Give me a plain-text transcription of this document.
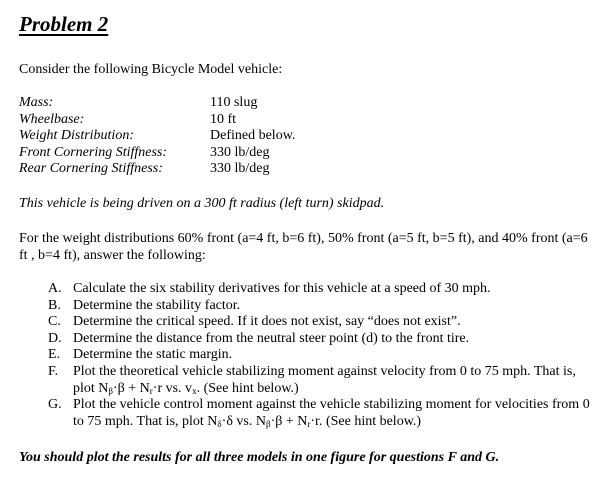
Problem 2
Consider the following Bicycle Model vehicle:
Mass:	110 slug
Wheelbase:	10 ft
Weight Distribution:	Defined below.
Front Cornering Stiffness:	330 lb/deg
Rear Cornering Stiffness:	330 lb/deg
This vehicle is being driven on a 300 ft radius (left turn) skidpad.
For the weight distributions 60% front (a=4 ft, b=6 ft), 50% front (a=5 ft, b=5 ft), and 40% front (a=6 ft , b=4 ft), answer the following:
A. Calculate the six stability derivatives for this vehicle at a speed of 30 mph.
B. Determine the stability factor.
C. Determine the critical speed. If it does not exist, say “does not exist”.
D. Determine the distance from the neutral steer point (d) to the front tire.
E. Determine the static margin.
F. Plot the theoretical vehicle stabilizing moment against velocity from 0 to 75 mph. That is, plot $N_\beta\cdot\beta + N_r\cdot r$ vs. $v_x$. (See hint below.)
G. Plot the vehicle control moment against the vehicle stabilizing moment for velocities from 0 to 75 mph. That is, plot $N_\delta\cdot\delta$ vs. $N_\beta\cdot\beta + N_r\cdot r$. (See hint below.)
You should plot the results for all three models in one figure for questions F and G.
